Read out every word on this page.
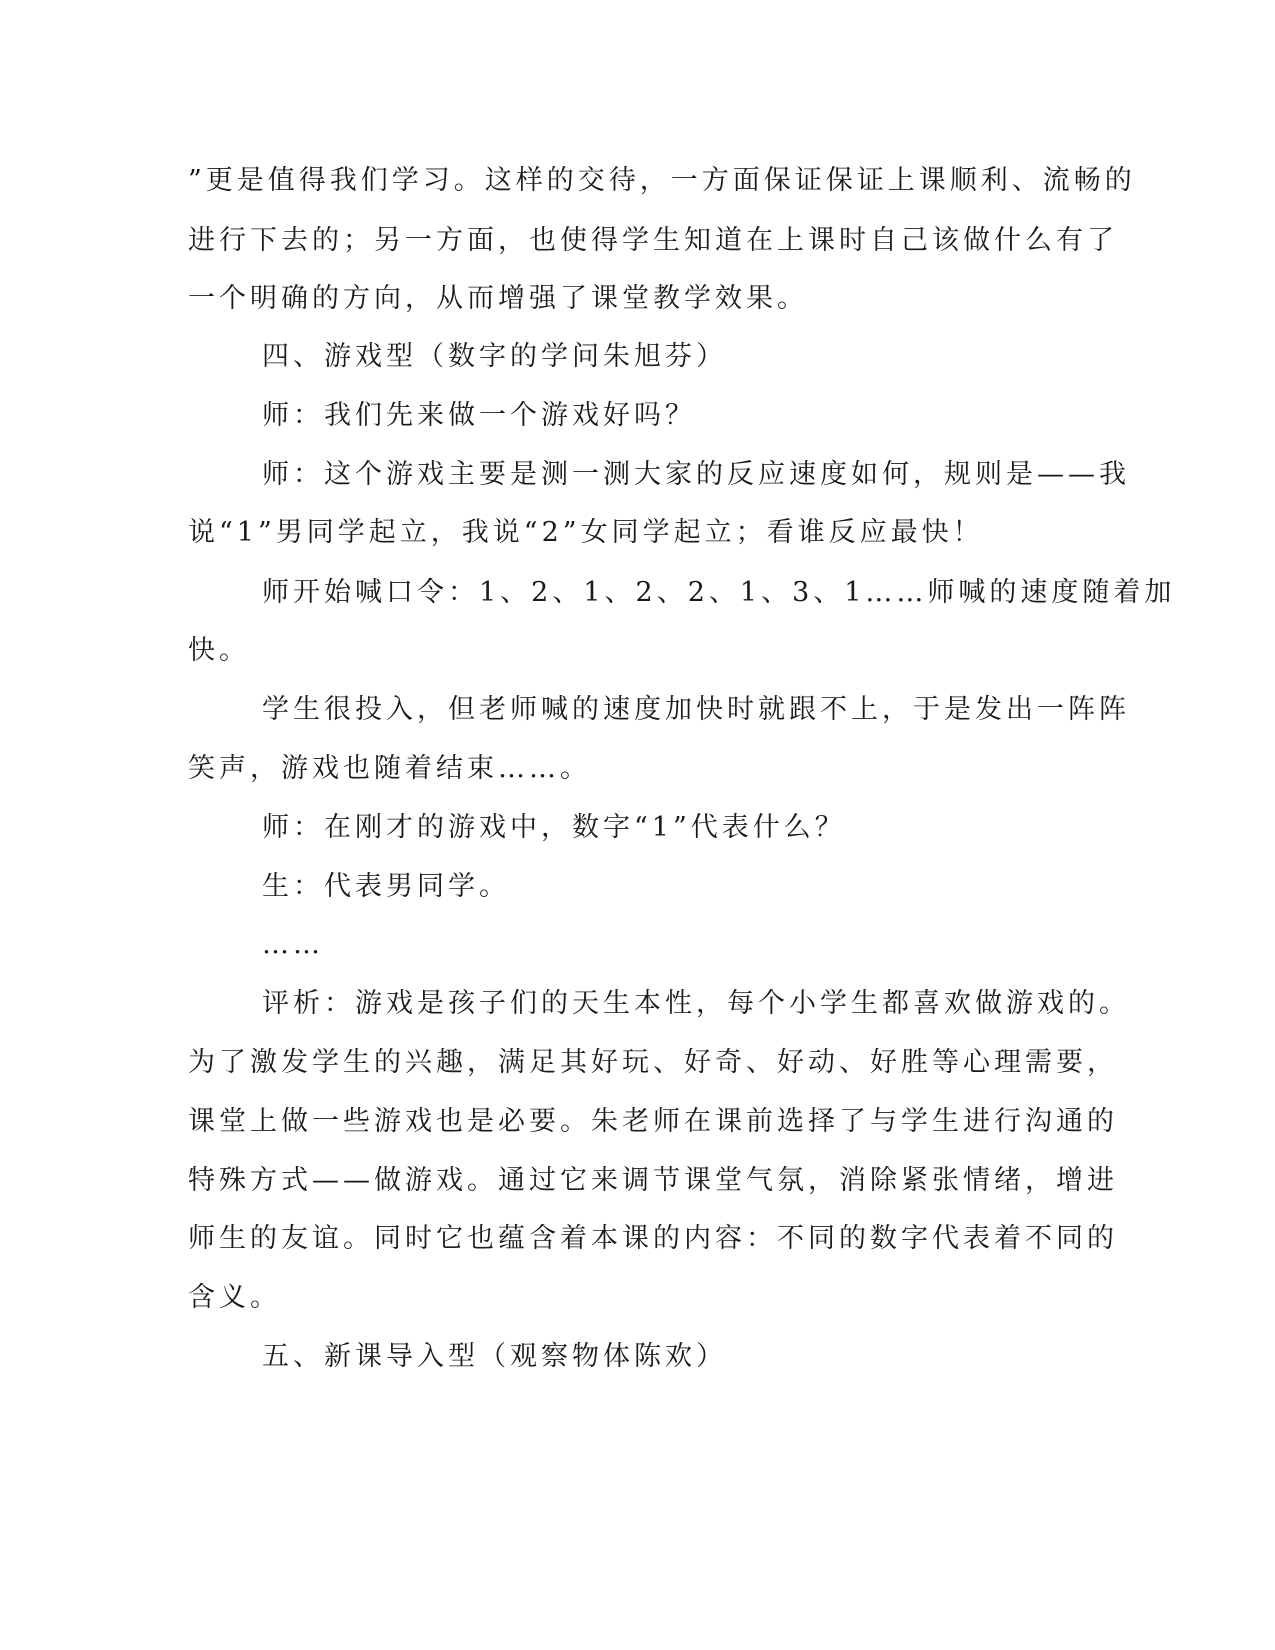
”更是值得我们学习。这样的交待，一方面保证保证上课顺利、流畅的
进行下去的；另一方面，也使得学生知道在上课时自己该做什么有了
一个明确的方向，从而增强了课堂教学效果。
四、游戏型（数字的学问朱旭芬）
师：我们先来做一个游戏好吗？
师：这个游戏主要是测一测大家的反应速度如何，规则是——我
说“1”男同学起立，我说“2”女同学起立；看谁反应最快！
师开始喊口令：1、2、1、2、2、1、3、1……师喊的速度随着加
快。
学生很投入，但老师喊的速度加快时就跟不上，于是发出一阵阵
笑声，游戏也随着结束……。
师：在刚才的游戏中，数字“1”代表什么？
生：代表男同学。
……
评析：游戏是孩子们的天生本性，每个小学生都喜欢做游戏的。
为了激发学生的兴趣，满足其好玩、好奇、好动、好胜等心理需要，
课堂上做一些游戏也是必要。朱老师在课前选择了与学生进行沟通的
特殊方式——做游戏。通过它来调节课堂气氛，消除紧张情绪，增进
师生的友谊。同时它也蕴含着本课的内容：不同的数字代表着不同的
含义。
五、新课导入型（观察物体陈欢）
